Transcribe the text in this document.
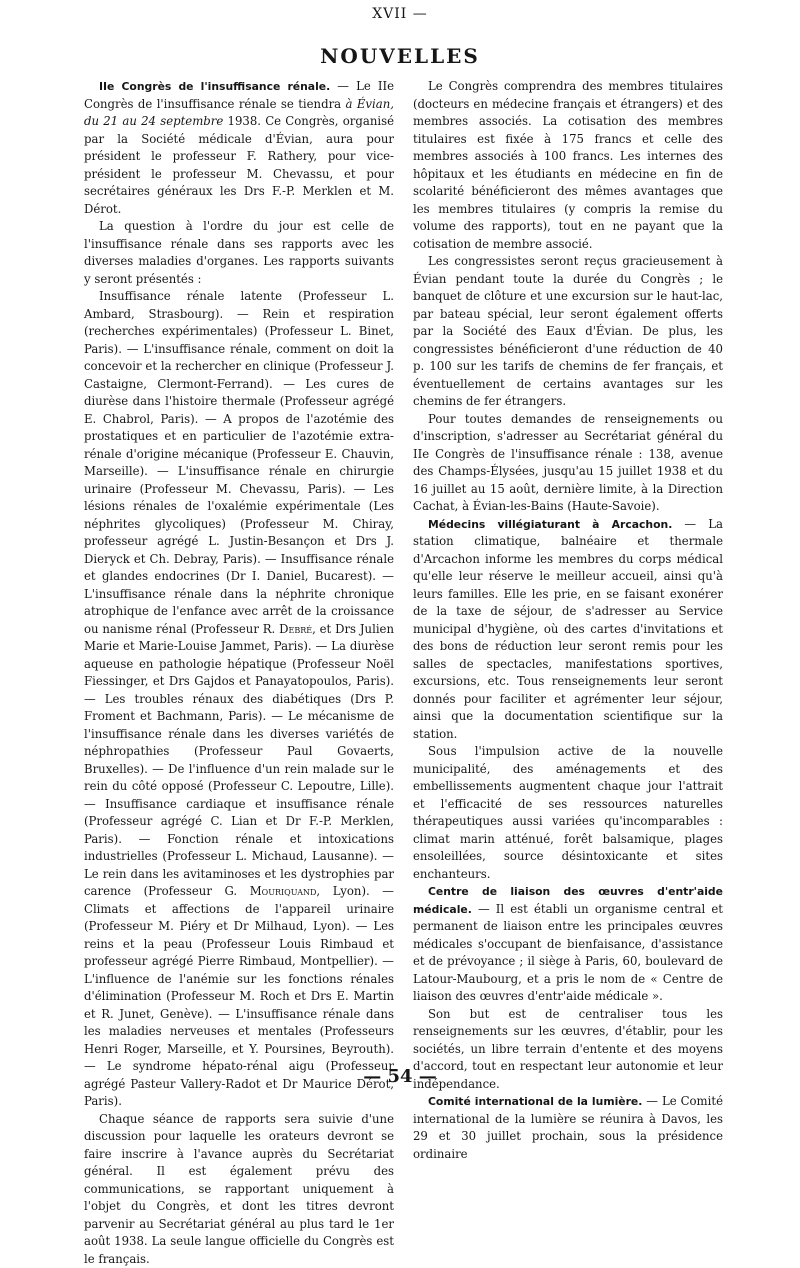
XVII —
NOUVELLES

IIe Congrès de l'insuffisance rénale. — Le IIe Congrès de l'insuffisance rénale se tiendra à Évian, du 21 au 24 septembre 1938. Ce Congrès, organisé par la Société médicale d'Évian, aura pour président le professeur F. Rathery, pour vice-président le professeur M. Chevassu, et pour secrétaires généraux les Drs F.-P. Merklen et M. Dérot.

La question à l'ordre du jour est celle de l'insuffisance rénale dans ses rapports avec les diverses maladies d'organes. Les rapports suivants y seront présentés :

Insuffisance rénale latente (Professeur L. Ambard, Strasbourg). — Rein et respiration (recherches expérimentales) (Professeur L. Binet, Paris). — L'insuffisance rénale, comment on doit la concevoir et la rechercher en clinique (Professeur J. Castaigne, Clermont-Ferrand). — Les cures de diurèse dans l'histoire thermale (Professeur agrégé E. Chabrol, Paris). — A propos de l'azotémie des prostatiques et en particulier de l'azotémie extra-rénale d'origine mécanique (Professeur E. Chauvin, Marseille). — L'insuffisance rénale en chirurgie urinaire (Professeur M. Chevassu, Paris). — Les lésions rénales de l'oxalémie expérimentale (Les néphrites glycoliques) (Professeur M. Chiray, professeur agrégé L. Justin-Besançon et Drs J. Dieryck et Ch. Debray, Paris). — Insuffisance rénale et glandes endocrines (Dr I. Daniel, Bucarest). — L'insuffisance rénale dans la néphrite chronique atrophique de l'enfance avec arrêt de la croissance ou nanisme rénal (Professeur R. Debré, et Drs Julien Marie et Marie-Louise Jammet, Paris). — La diurèse aqueuse en pathologie hépatique (Professeur Noël Fiessinger, et Drs Gajdos et Panayatopoulos, Paris). — Les troubles rénaux des diabétiques (Drs P. Froment et Bachmann, Paris). — Le mécanisme de l'insuffisance rénale dans les diverses variétés de néphropathies (Professeur Paul Govaerts, Bruxelles). — De l'influence d'un rein malade sur le rein du côté opposé (Professeur C. Lepoutre, Lille). — Insuffisance cardiaque et insuffisance rénale (Professeur agrégé C. Lian et Dr F.-P. Merklen, Paris). — Fonction rénale et intoxications industrielles (Professeur L. Michaud, Lausanne). — Le rein dans les avitaminoses et les dystrophies par carence (Professeur G. Mouriquand, Lyon). — Climats et affections de l'appareil urinaire (Professeur M. Piéry et Dr Milhaud, Lyon). — Les reins et la peau (Professeur Louis Rimbaud et professeur agrégé Pierre Rimbaud, Montpellier). — L'influence de l'anémie sur les fonctions rénales d'élimination (Professeur M. Roch et Drs E. Martin et R. Junet, Genève). — L'insuffisance rénale dans les maladies nerveuses et mentales (Professeurs Henri Roger, Marseille, et Y. Poursines, Beyrouth). — Le syndrome hépato-rénal aigu (Professeur agrégé Pasteur Vallery-Radot et Dr Maurice Dérot, Paris).

Chaque séance de rapports sera suivie d'une discussion pour laquelle les orateurs devront se faire inscrire à l'avance auprès du Secrétariat général. Il est également prévu des communications, se rapportant uniquement à l'objet du Congrès, et dont les titres devront parvenir au Secrétariat général au plus tard le 1er août 1938. La seule langue officielle du Congrès est le français.

Le Congrès comprendra des membres titulaires (docteurs en médecine français et étrangers) et des membres associés. La cotisation des membres titulaires est fixée à 175 francs et celle des membres associés à 100 francs. Les internes des hôpitaux et les étudiants en médecine en fin de scolarité bénéficieront des mêmes avantages que les membres titulaires (y compris la remise du volume des rapports), tout en ne payant que la cotisation de membre associé.

Les congressistes seront reçus gracieusement à Évian pendant toute la durée du Congrès ; le banquet de clôture et une excursion sur le haut-lac, par bateau spécial, leur seront également offerts par la Société des Eaux d'Évian. De plus, les congressistes bénéficieront d'une réduction de 40 p. 100 sur les tarifs de chemins de fer français, et éventuellement de certains avantages sur les chemins de fer étrangers.

Pour toutes demandes de renseignements ou d'inscription, s'adresser au Secrétariat général du IIe Congrès de l'insuffisance rénale : 138, avenue des Champs-Élysées, jusqu'au 15 juillet 1938 et du 16 juillet au 15 août, dernière limite, à la Direction Cachat, à Évian-les-Bains (Haute-Savoie).

Médecins villégiaturant à Arcachon. — La station climatique, balnéaire et thermale d'Arcachon informe les membres du corps médical qu'elle leur réserve le meilleur accueil, ainsi qu'à leurs familles. Elle les prie, en se faisant exonérer de la taxe de séjour, de s'adresser au Service municipal d'hygiène, où des cartes d'invitations et des bons de réduction leur seront remis pour les salles de spectacles, manifestations sportives, excursions, etc. Tous renseignements leur seront donnés pour faciliter et agrémenter leur séjour, ainsi que la documentation scientifique sur la station.

Sous l'impulsion active de la nouvelle municipalité, des aménagements et des embellissements augmentent chaque jour l'attrait et l'efficacité de ses ressources naturelles thérapeutiques aussi variées qu'incomparables : climat marin atténué, forêt balsamique, plages ensoleillées, source désintoxicante et sites enchanteurs.

Centre de liaison des œuvres d'entr'aide médicale. — Il est établi un organisme central et permanent de liaison entre les principales œuvres médicales s'occupant de bienfaisance, d'assistance et de prévoyance ; il siège à Paris, 60, boulevard de Latour-Maubourg, et a pris le nom de « Centre de liaison des œuvres d'entr'aide médicale ».

Son but est de centraliser tous les renseignements sur les œuvres, d'établir, pour les sociétés, un libre terrain d'entente et des moyens d'accord, tout en respectant leur autonomie et leur indépendance.

Comité international de la lumière. — Le Comité international de la lumière se réunira à Davos, les 29 et 30 juillet prochain, sous la présidence ordinaire

— 54 —
